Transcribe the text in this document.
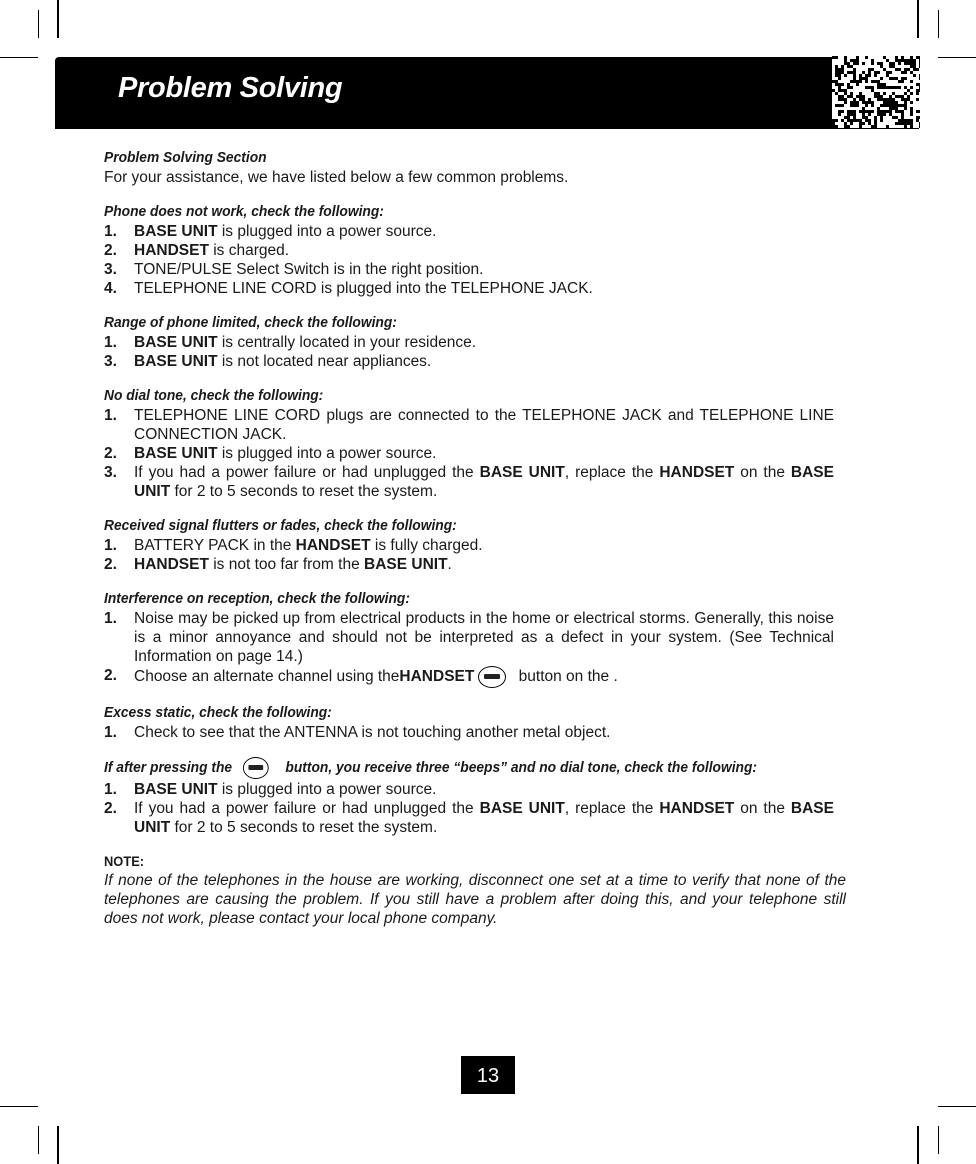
Problem Solving
Problem Solving Section
For your assistance, we have listed below a few common problems.
Phone does not work, check the following:
1.	BASE UNIT is plugged into a power source.
2.	HANDSET is charged.
3.	TONE/PULSE Select Switch is in the right position.
4.	TELEPHONE LINE CORD is plugged into the TELEPHONE JACK.
Range of phone limited, check the following:
1.	BASE UNIT is centrally located in your residence.
3.	BASE UNIT is not located near appliances.
No dial tone, check the following:
1.	TELEPHONE LINE CORD plugs are connected to the TELEPHONE JACK and TELEPHONE LINE CONNECTION JACK.
2.	BASE UNIT is plugged into a power source.
3.	If you had a power failure or had unplugged the BASE UNIT, replace the HANDSET on the BASE UNIT for 2 to 5 seconds to reset the system.
Received signal flutters or fades, check the following:
1.	BATTERY PACK in the HANDSET is fully charged.
2.	HANDSET is not too far from the BASE UNIT.
Interference on reception, check the following:
1.	Noise may be picked up from electrical products in the home or electrical storms. Generally, this noise is a minor annoyance and should not be interpreted as a defect in your system. (See Technical Information on page 14.)
2.	Choose an alternate channel using theHANDSET	button on the .
Excess static, check the following:
1.	Check to see that the ANTENNA is not touching another metal object.
If after pressing the	button, you receive three “beeps” and no dial tone, check the following:
1.	BASE UNIT is plugged into a power source.
2.	If you had a power failure or had unplugged the BASE UNIT, replace the HANDSET on the BASE UNIT for 2 to 5 seconds to reset the system.
NOTE:
If none of the telephones in the house are working, disconnect one set at a time to verify that none of the telephones are causing the problem. If you still have a problem after doing this, and your telephone still does not work, please contact your local phone company.
13
